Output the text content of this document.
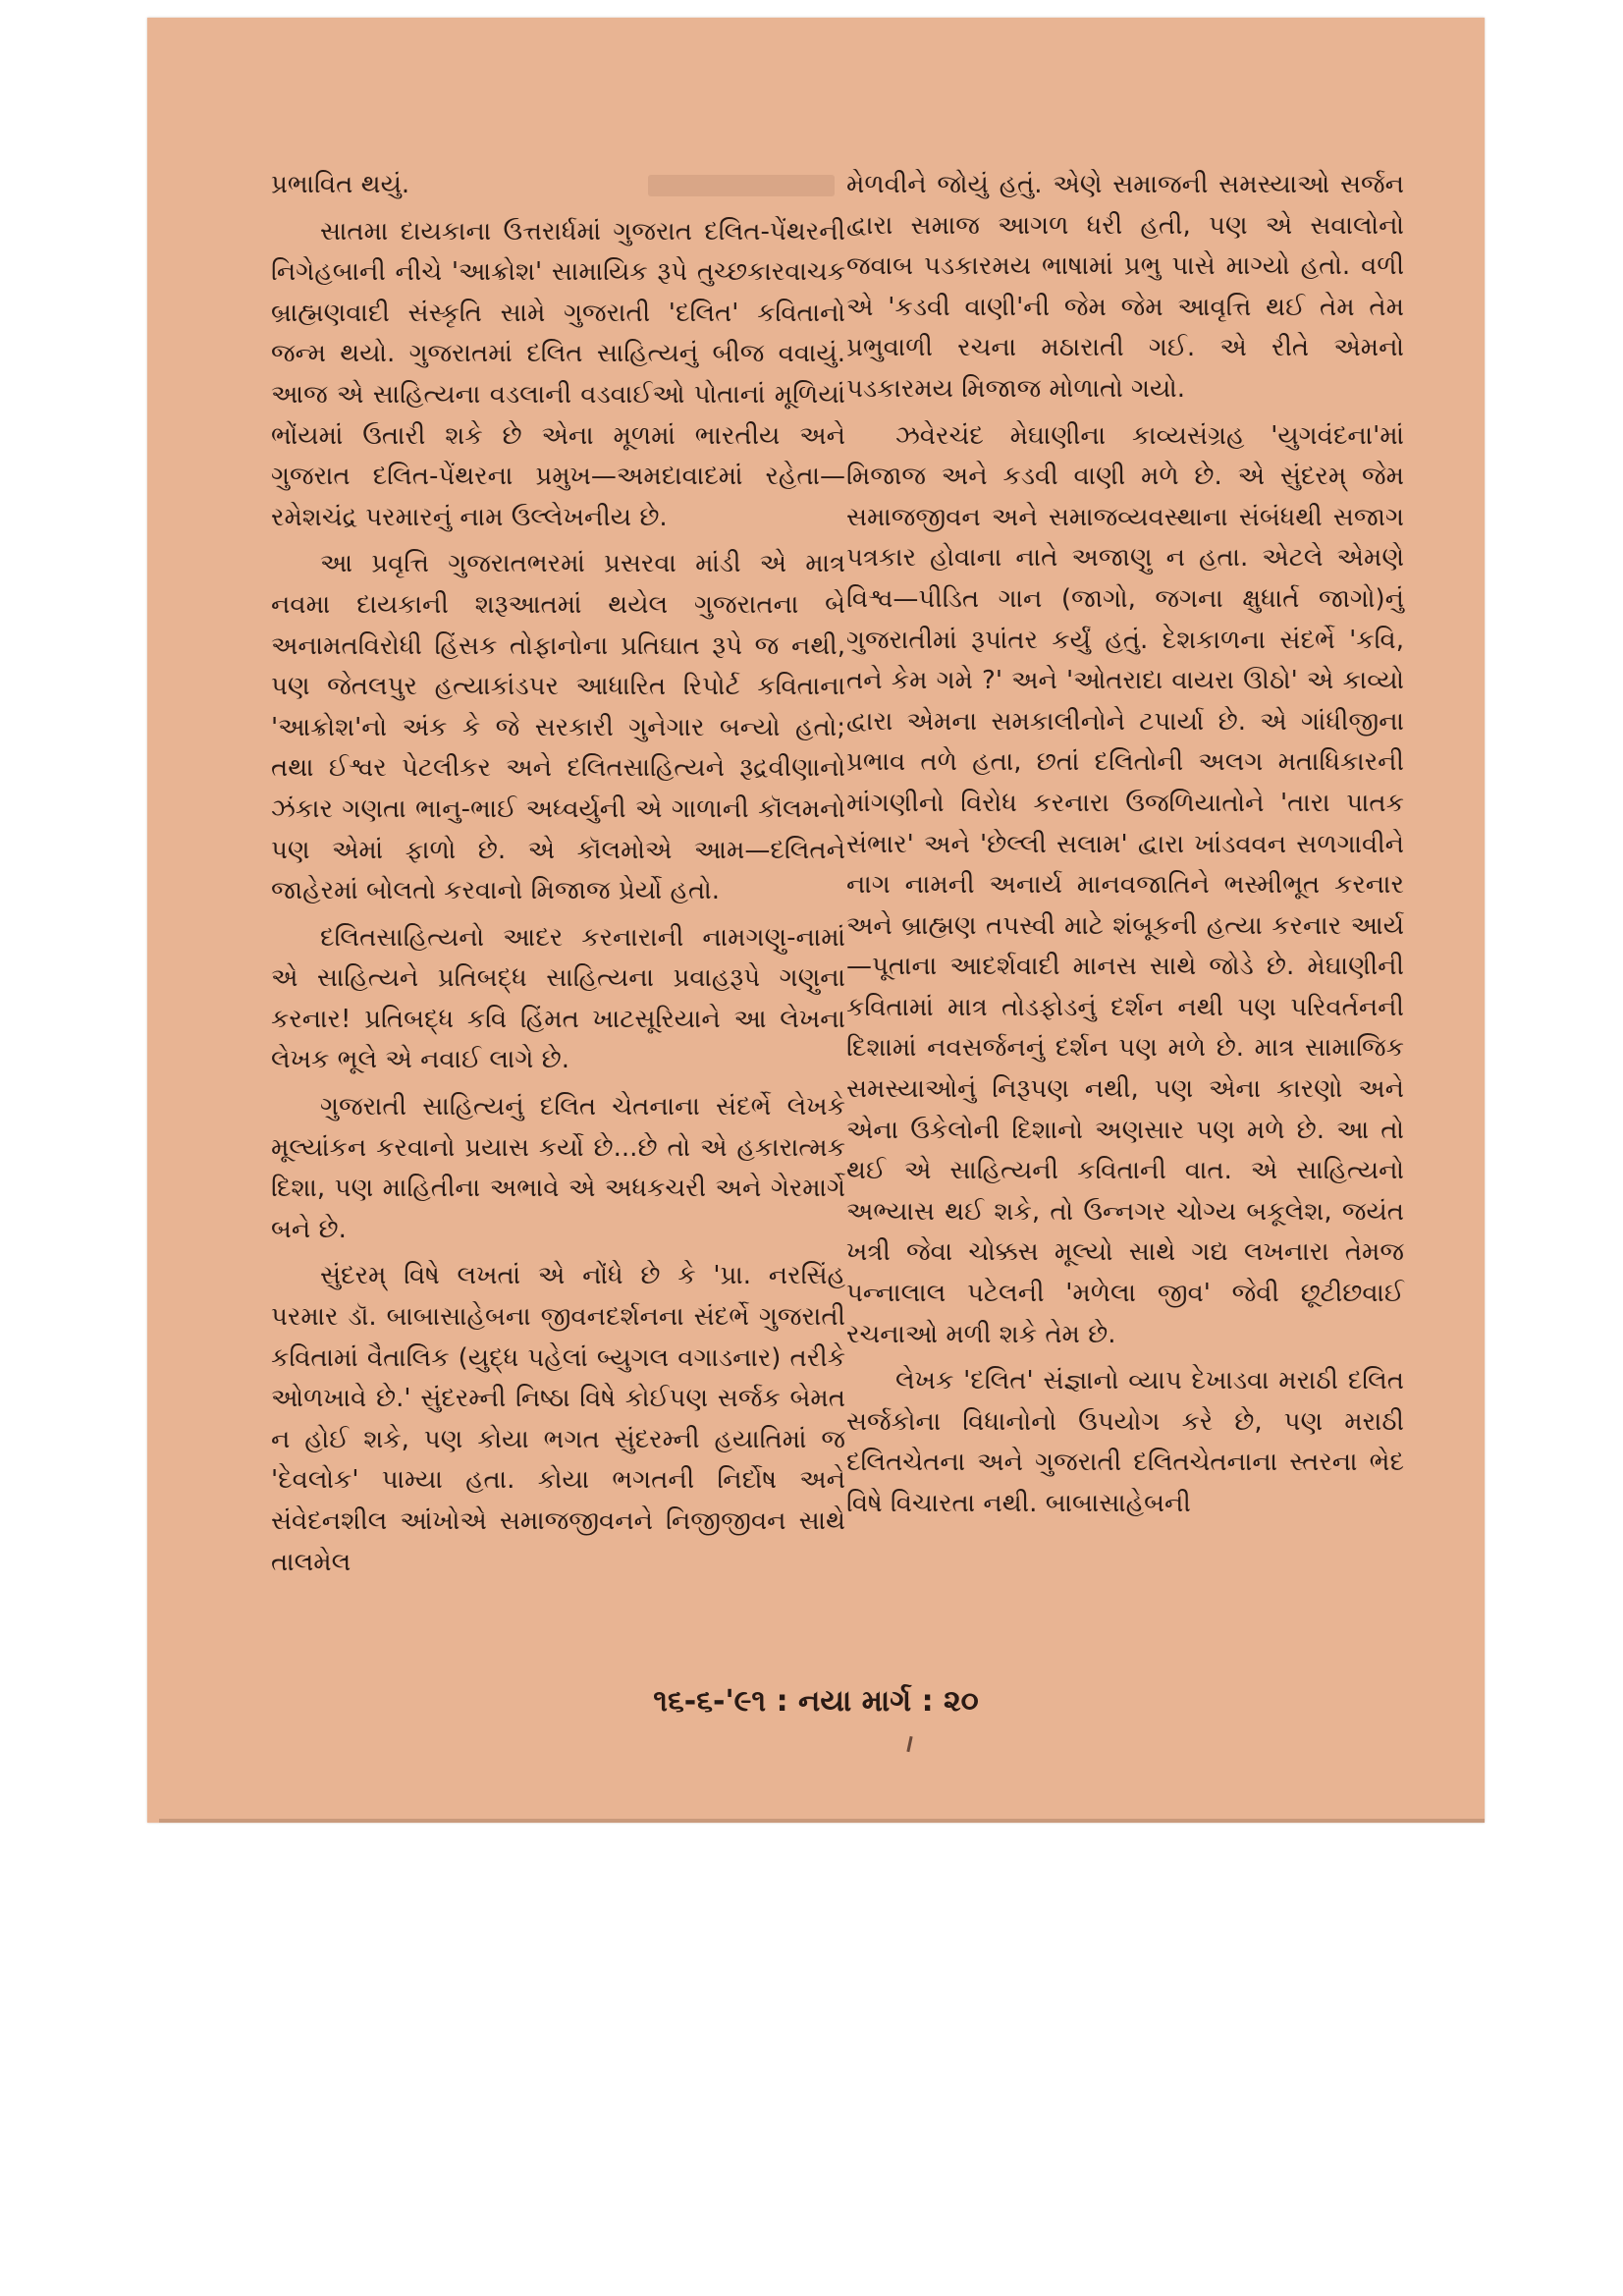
પ્રભાવિત થયું.

સાતમા દાયકાના ઉત્તરાર્ધમાં ગુજરાત દલિત-પેંથરની નિગેહબાની નીચે 'આક્રોશ' સામાયિક રૂપે તુચ્છકારવાચક બ્રાહ્મણવાદી સંસ્કૃતિ સામે ગુજરાતી 'દલિત' કવિતાનો જન્મ થયો. ગુજરાતમાં દલિત સાહિત્યનું બીજ વવાયું. આજ એ સાહિત્યના વડલાની વડવાઈઓ પોતાનાં મૂળિયાં ભોંયમાં ઉતારી શકે છે એના મૂળમાં ભારતીય અને ગુજરાત દલિત-પેંથરના પ્રમુખ—અમદાવાદમાં રહેતા—રમેશચંદ્ર પરમારનું નામ ઉલ્લેખનીય છે.

આ પ્રવૃત્તિ ગુજરાતભરમાં પ્રસરવા માંડી એ માત્ર નવમા દાયકાની શરૂઆતમાં થયેલ ગુજરાતના બે અનામતવિરોધી હિંસક તોફાનોના પ્રતિઘાત રૂપે જ નથી, પણ જેતલપુર હત્યાકાંડપર આધારિત રિપોર્ટ કવિતાના 'આક્રોશ'નો અંક કે જે સરકારી ગુનેગાર બન્યો હતો; તથા ઈશ્વર પેટલીકર અને દલિતસાહિત્યને રૂદ્રવીણાનો ઝંકાર ગણતા ભાનુ-ભાઈ અધ્વર્યુની એ ગાળાની કૉલમનો પણ એમાં ફાળો છે. એ કૉલમોએ આમ—દલિતને જાહેરમાં બોલતો કરવાનો મિજાજ પ્રેર્યો હતો.

દલિતસાહિત્યનો આદર કરનારાની નામગણુ-નામાં એ સાહિત્યને પ્રતિબદ્ધ સાહિત્યના પ્રવાહરૂપે ગણુના કરનાર! પ્રતિબદ્ધ કવિ હિંમત ખાટસૂરિયાને આ લેખના લેખક ભૂલે એ નવાઈ લાગે છે.

ગુજરાતી સાહિત્યનું દલિત ચેતનાના સંદર્ભે લેખકે મૂલ્યાંકન કરવાનો પ્રયાસ કર્યો છે...છે તો એ હકારાત્મક દિશા, પણ માહિતીના અભાવે એ અધકચરી અને ગેરમાર્ગે બને છે.

સુંદરમ્ વિષે લખતાં એ નોંધે છે કે 'પ્રા. નરસિંહ પરમાર ડૉ. બાબાસાહેબના જીવનદર્શનના સંદર્ભે ગુજરાતી કવિતામાં વૈતાલિક (યુદ્ધ પહેલાં બ્યુગલ વગાડનાર) તરીકે ઓળખાવે છે.' સુંદરમ્ની નિષ્ઠા વિષે કોઈપણ સર્જક બેમત ન હોઈ શકે, પણ કોયા ભગત સુંદરમ્ની હયાતિમાં જ 'દેવલોક' પામ્યા હતા. કોયા ભગતની નિર્દોષ અને સંવેદનશીલ આંખોએ સમાજજીવનને નિજીજીવન સાથે તાલમેલ

મેળવીને જોયું હતું. એણે સમાજની સમસ્યાઓ સર્જન દ્વારા સમાજ આગળ ધરી હતી, પણ એ સવાલોનો જવાબ પડકારમય ભાષામાં પ્રભુ પાસે માગ્યો હતો. વળી એ 'કડવી વાણી'ની જેમ જેમ આવૃત્તિ થઈ તેમ તેમ પ્રભુવાળી રચના મઠારાતી ગઈ. એ રીતે એમનો પડકારમય મિજાજ મોળાતો ગયો.

ઝવેરચંદ મેઘાણીના કાવ્યસંગ્રહ 'યુગવંદના'માં મિજાજ અને કડવી વાણી મળે છે. એ સુંદરમ્ જેમ સમાજજીવન અને સમાજવ્યવસ્થાના સંબંધથી સજાગ પત્રકાર હોવાના નાતે અજાણુ ન હતા. એટલે એમણે વિશ્વ—પીડિત ગાન (જાગો, જગના ક્ષુધાર્ત જાગો)નું ગુજરાતીમાં રૂપાંતર કર્યું હતું. દેશકાળના સંદર્ભે 'કવિ, તને કેમ ગમે ?' અને 'ઓતરાદા વાયરા ઊઠો' એ કાવ્યો દ્વારા એમના સમકાલીનોને ટપાર્યા છે. એ ગાંધીજીના પ્રભાવ તળે હતા, છતાં દલિતોની અલગ મતાધિકારની માંગણીનો વિરોધ કરનારા ઉજળિયાતોને 'તારા પાતક સંભાર' અને 'છેલ્લી સલામ' દ્વારા ખાંડવવન સળગાવીને નાગ નામની અનાર્ય માનવજાતિને ભસ્મીભૂત કરનાર અને બ્રાહ્મણ તપસ્વી માટે શંબૂકની હત્યા કરનાર આર્ય—પૂતાના આદર્શવાદી માનસ સાથે જોડે છે. મેઘાણીની કવિતામાં માત્ર તોડફોડનું દર્શન નથી પણ પરિવર્તનની દિશામાં નવસર્જનનું દર્શન પણ મળે છે. માત્ર સામાજિક સમસ્યાઓનું નિરૂપણ નથી, પણ એના કારણો અને એના ઉકેલોની દિશાનો અણસાર પણ મળે છે. આ તો થઈ એ સાહિત્યની કવિતાની વાત. એ સાહિત્યનો અભ્યાસ થઈ શકે, તો ઉન્નગર ચોગ્ય બકૂલેશ, જયંત ખત્રી જેવા ચોક્કસ મૂલ્યો સાથે ગદ્ય લખનારા તેમજ પન્નાલાલ પટેલની 'મળેલા જીવ' જેવી છૂટીછવાઈ રચનાઓ મળી શકે તેમ છે.

લેખક 'દલિત' સંજ્ઞાનો વ્યાપ દેખાડવા મરાઠી દલિત સર્જકોના વિધાનોનો ઉપયોગ કરે છે, પણ મરાઠી દલિતચેતના અને ગુજરાતી દલિતચેતનાના સ્તરના ભેદ વિષે વિચારતા નથી. બાબાસાહેબની

૧૬-૬-'૯૧ : નયા માર્ગ : ૨૦
